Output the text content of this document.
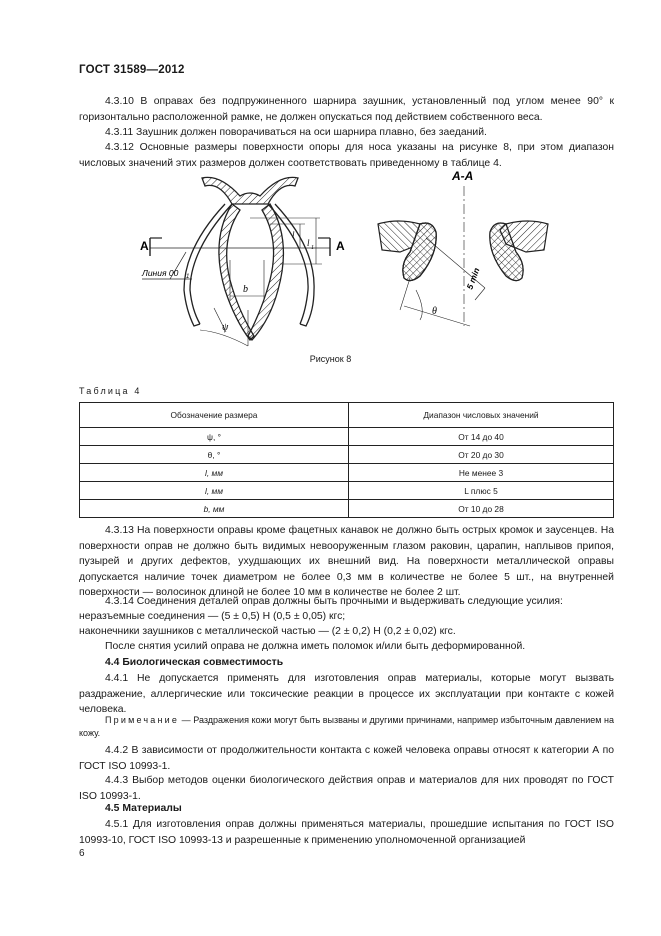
ГОСТ 31589—2012
4.3.10 В оправах без подпружиненного шарнира заушник, установленный под углом менее 90° к горизонтально расположенной рамке, не должен опускаться под действием собственного веса.
4.3.11 Заушник должен поворачиваться на оси шарнира плавно, без заеданий.
4.3.12 Основные размеры поверхности опоры для носа указаны на рисунке 8, при этом диапазон числовых значений этих размеров должен соответствовать приведенному в таблице 4.
А	А
Линия 00 1
l
l 1
b
ψ
А-А
θ
5 min
Рисунок 8
Таблица 4
Обозначение размера	Диапазон числовых значений
ψ, °	От 14 до 40
θ, °	От 20 до 30
l, мм	Не менее 3
l, мм	L плюс 5
b, мм	От 10 до 28
4.3.13 На поверхности оправы кроме фацетных канавок не должно быть острых кромок и заусенцев. На поверхности оправ не должно быть видимых невооруженным глазом раковин, царапин, наплывов припоя, пузырей и других дефектов, ухудшающих их внешний вид. На поверхности металлической оправы допускается наличие точек диаметром не более 0,3 мм в количестве не более 5 шт., на внутренней поверхности — волосинок длиной не более 10 мм в количестве не более 2 шт.
4.3.14 Соединения деталей оправ должны быть прочными и выдерживать следующие усилия:
неразъемные соединения — (5 ± 0,5) Н (0,5 ± 0,05) кгс;
наконечники заушников с металлической частью — (2 ± 0,2) Н (0,2 ± 0,02) кгс.
После снятия усилий оправа не должна иметь поломок и/или быть деформированной.
4.4 Биологическая совместимость
4.4.1 Не допускается применять для изготовления оправ материалы, которые могут вызвать раздражение, аллергические или токсические реакции в процессе их эксплуатации при контакте с кожей человека.
Примечание — Раздражения кожи могут быть вызваны и другими причинами, например избыточным давлением на кожу.
4.4.2 В зависимости от продолжительности контакта с кожей человека оправы относят к категории А по ГОСТ ISO 10993-1.
4.4.3 Выбор методов оценки биологического действия оправ и материалов для них проводят по ГОСТ ISO 10993-1.
4.5 Материалы
4.5.1 Для изготовления оправ должны применяться материалы, прошедшие испытания по ГОСТ ISO 10993-10, ГОСТ ISO 10993-13 и разрешенные к применению уполномоченной организацией
6
